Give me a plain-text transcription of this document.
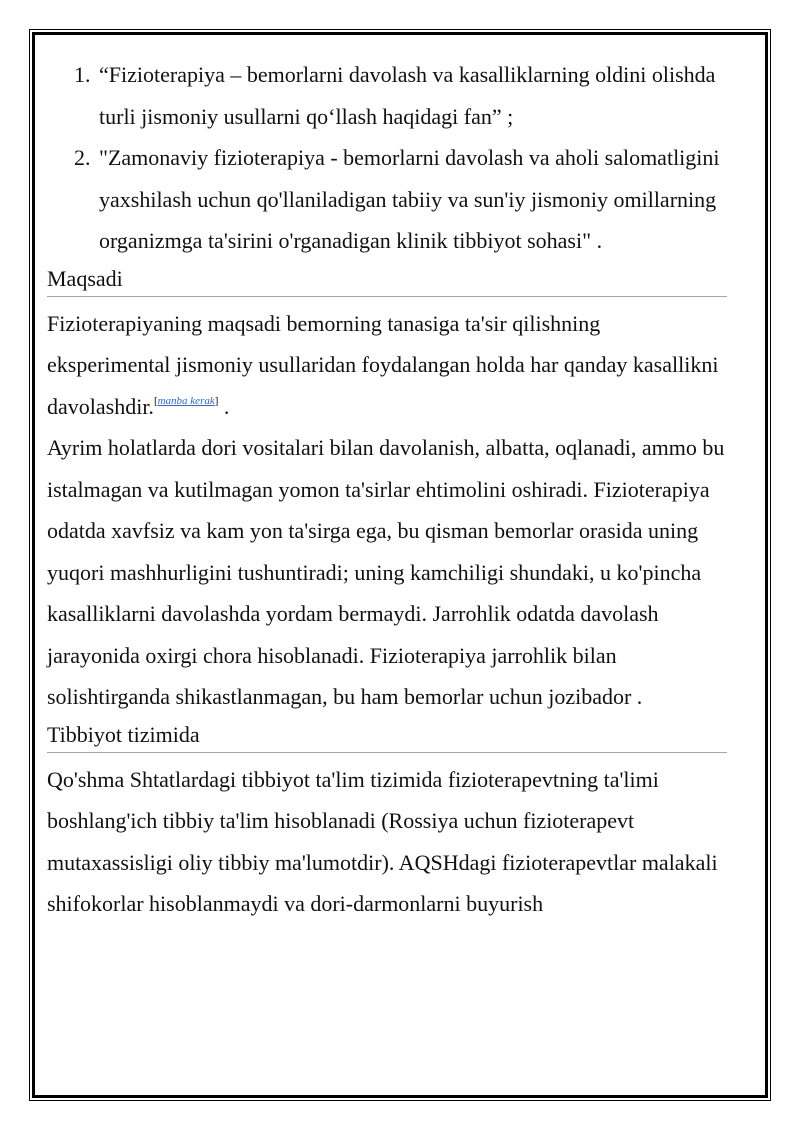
1. “Fizioterapiya – bemorlarni davolash va kasalliklarning oldini olishda turli jismoniy usullarni qo‘llash haqidagi fan” ;
2. "Zamonaviy fizioterapiya - bemorlarni davolash va aholi salomatligini yaxshilash uchun qo'llaniladigan tabiiy va sun'iy jismoniy omillarning organizmga ta'sirini o'rganadigan klinik tibbiyot sohasi" .
Maqsadi

Fizioterapiyaning maqsadi bemorning tanasiga ta'sir qilishning eksperimental jismoniy usullaridan foydalangan holda har qanday kasallikni davolashdir.[manba kerak] .

Ayrim holatlarda dori vositalari bilan davolanish, albatta, oqlanadi, ammo bu istalmagan va kutilmagan yomon ta'sirlar ehtimolini oshiradi. Fizioterapiya odatda xavfsiz va kam yon ta'sirga ega, bu qisman bemorlar orasida uning yuqori mashhurligini tushuntiradi; uning kamchiligi shundaki, u ko'pincha kasalliklarni davolashda yordam bermaydi. Jarrohlik odatda davolash jarayonida oxirgi chora hisoblanadi. Fizioterapiya jarrohlik bilan solishtirganda shikastlanmagan, bu ham bemorlar uchun jozibador .

Tibbiyot tizimida

Qo'shma Shtatlardagi tibbiyot ta'lim tizimida fizioterapevtning ta'limi boshlang'ich tibbiy ta'lim hisoblanadi (Rossiya uchun fizioterapevt mutaxassisligi oliy tibbiy ma'lumotdir). AQSHdagi fizioterapevtlar malakali shifokorlar hisoblanmaydi va dori-darmonlarni buyurish
